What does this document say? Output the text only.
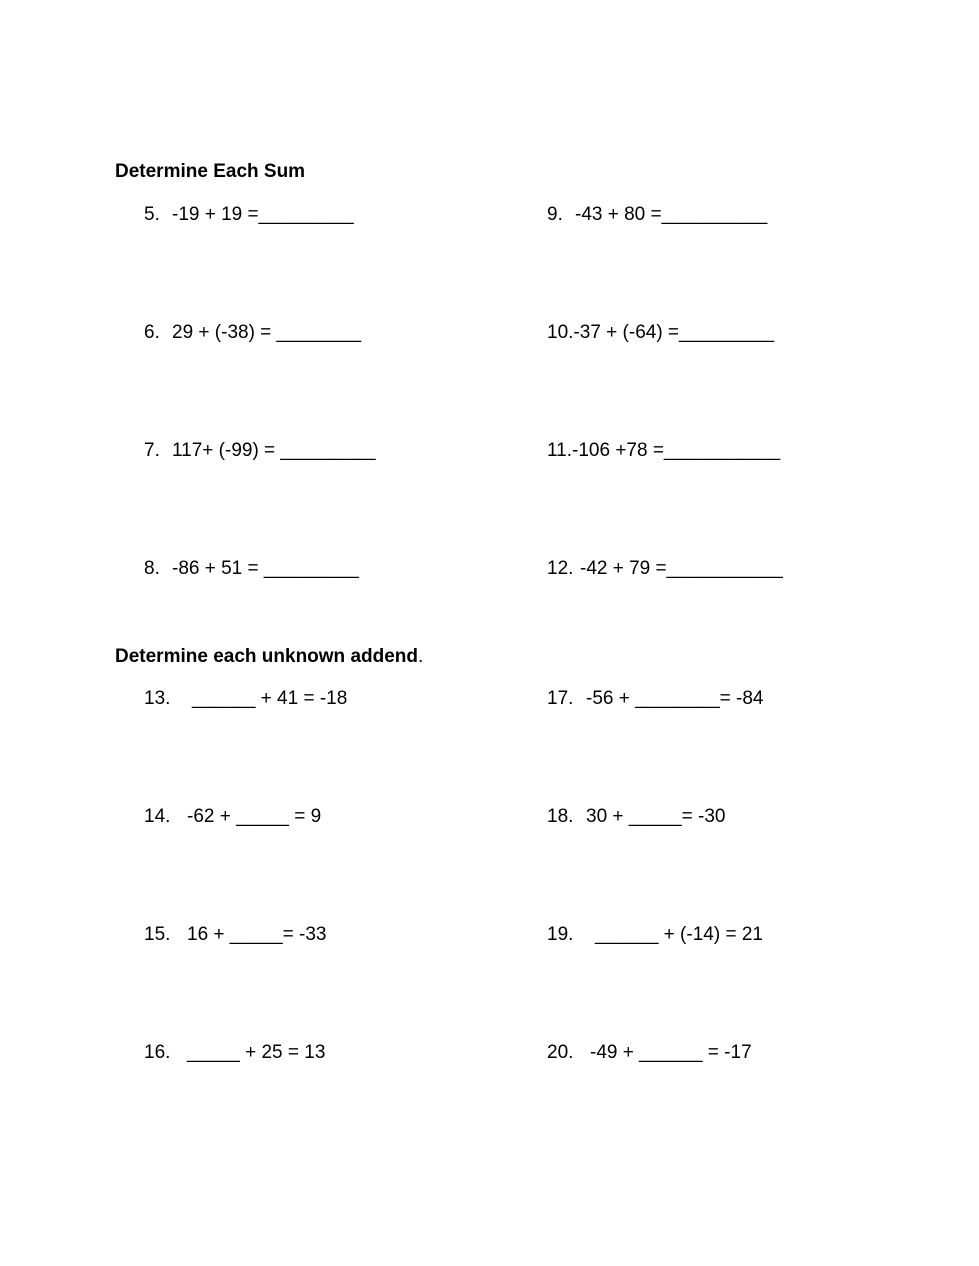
Determine Each Sum
5. -19 + 19 =_________
6. 29 + (-38) = ________
7. 117+ (-99) = _________
8. -86 + 51 = _________
9. -43 + 80 =__________
10.-37 + (-64) =_________
11.-106 +78 =___________
12. -42 + 79 =___________
Determine each unknown addend.
13. ______ + 41 = -18
14. -62 + _____ = 9
15. 16 + _____= -33
16. _____ + 25 = 13
17. -56 + ________= -84
18. 30 + _____= -30
19. ______ + (-14) = 21
20. -49 + ______ = -17
